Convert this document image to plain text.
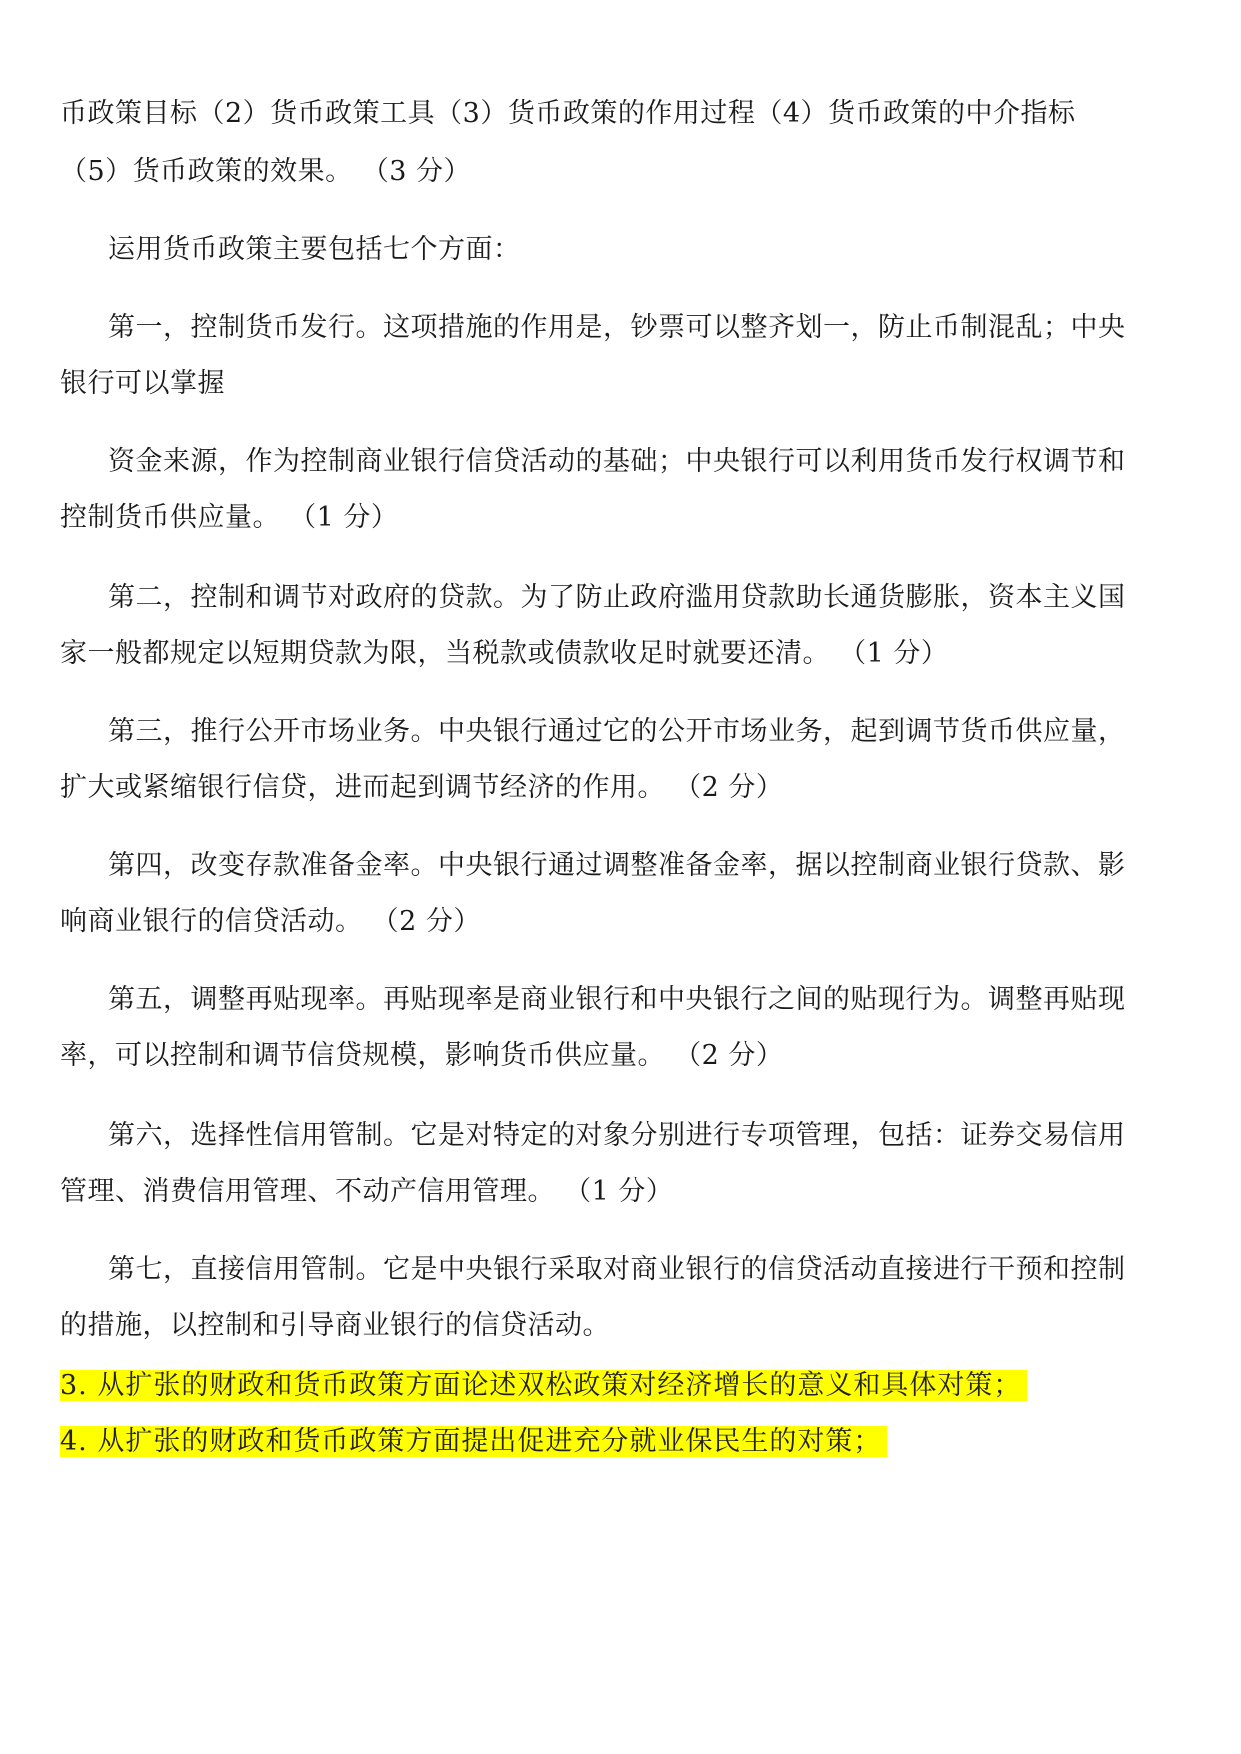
币政策目标（2）货币政策工具（3）货币政策的作用过程（4）货币政策的中介指标
（5）货币政策的效果。 （3 分）
运用货币政策主要包括七个方面：
第一，控制货币发行。这项措施的作用是，钞票可以整齐划一，防止币制混乱；中央
银行可以掌握
资金来源，作为控制商业银行信贷活动的基础；中央银行可以利用货币发行权调节和
控制货币供应量。 （1 分）
第二，控制和调节对政府的贷款。为了防止政府滥用贷款助长通货膨胀，资本主义国
家一般都规定以短期贷款为限，当税款或债款收足时就要还清。 （1 分）
第三，推行公开市场业务。中央银行通过它的公开市场业务，起到调节货币供应量，
扩大或紧缩银行信贷，进而起到调节经济的作用。 （2 分）
第四，改变存款准备金率。中央银行通过调整准备金率，据以控制商业银行贷款、影
响商业银行的信贷活动。 （2 分）
第五，调整再贴现率。再贴现率是商业银行和中央银行之间的贴现行为。调整再贴现
率，可以控制和调节信贷规模，影响货币供应量。 （2 分）
第六，选择性信用管制。它是对特定的对象分别进行专项管理，包括：证券交易信用
管理、消费信用管理、不动产信用管理。 （1 分）
第七，直接信用管制。它是中央银行采取对商业银行的信贷活动直接进行干预和控制
的措施，以控制和引导商业银行的信贷活动。
3. 从扩张的财政和货币政策方面论述双松政策对经济增长的意义和具体对策；
4. 从扩张的财政和货币政策方面提出促进充分就业保民生的对策；
